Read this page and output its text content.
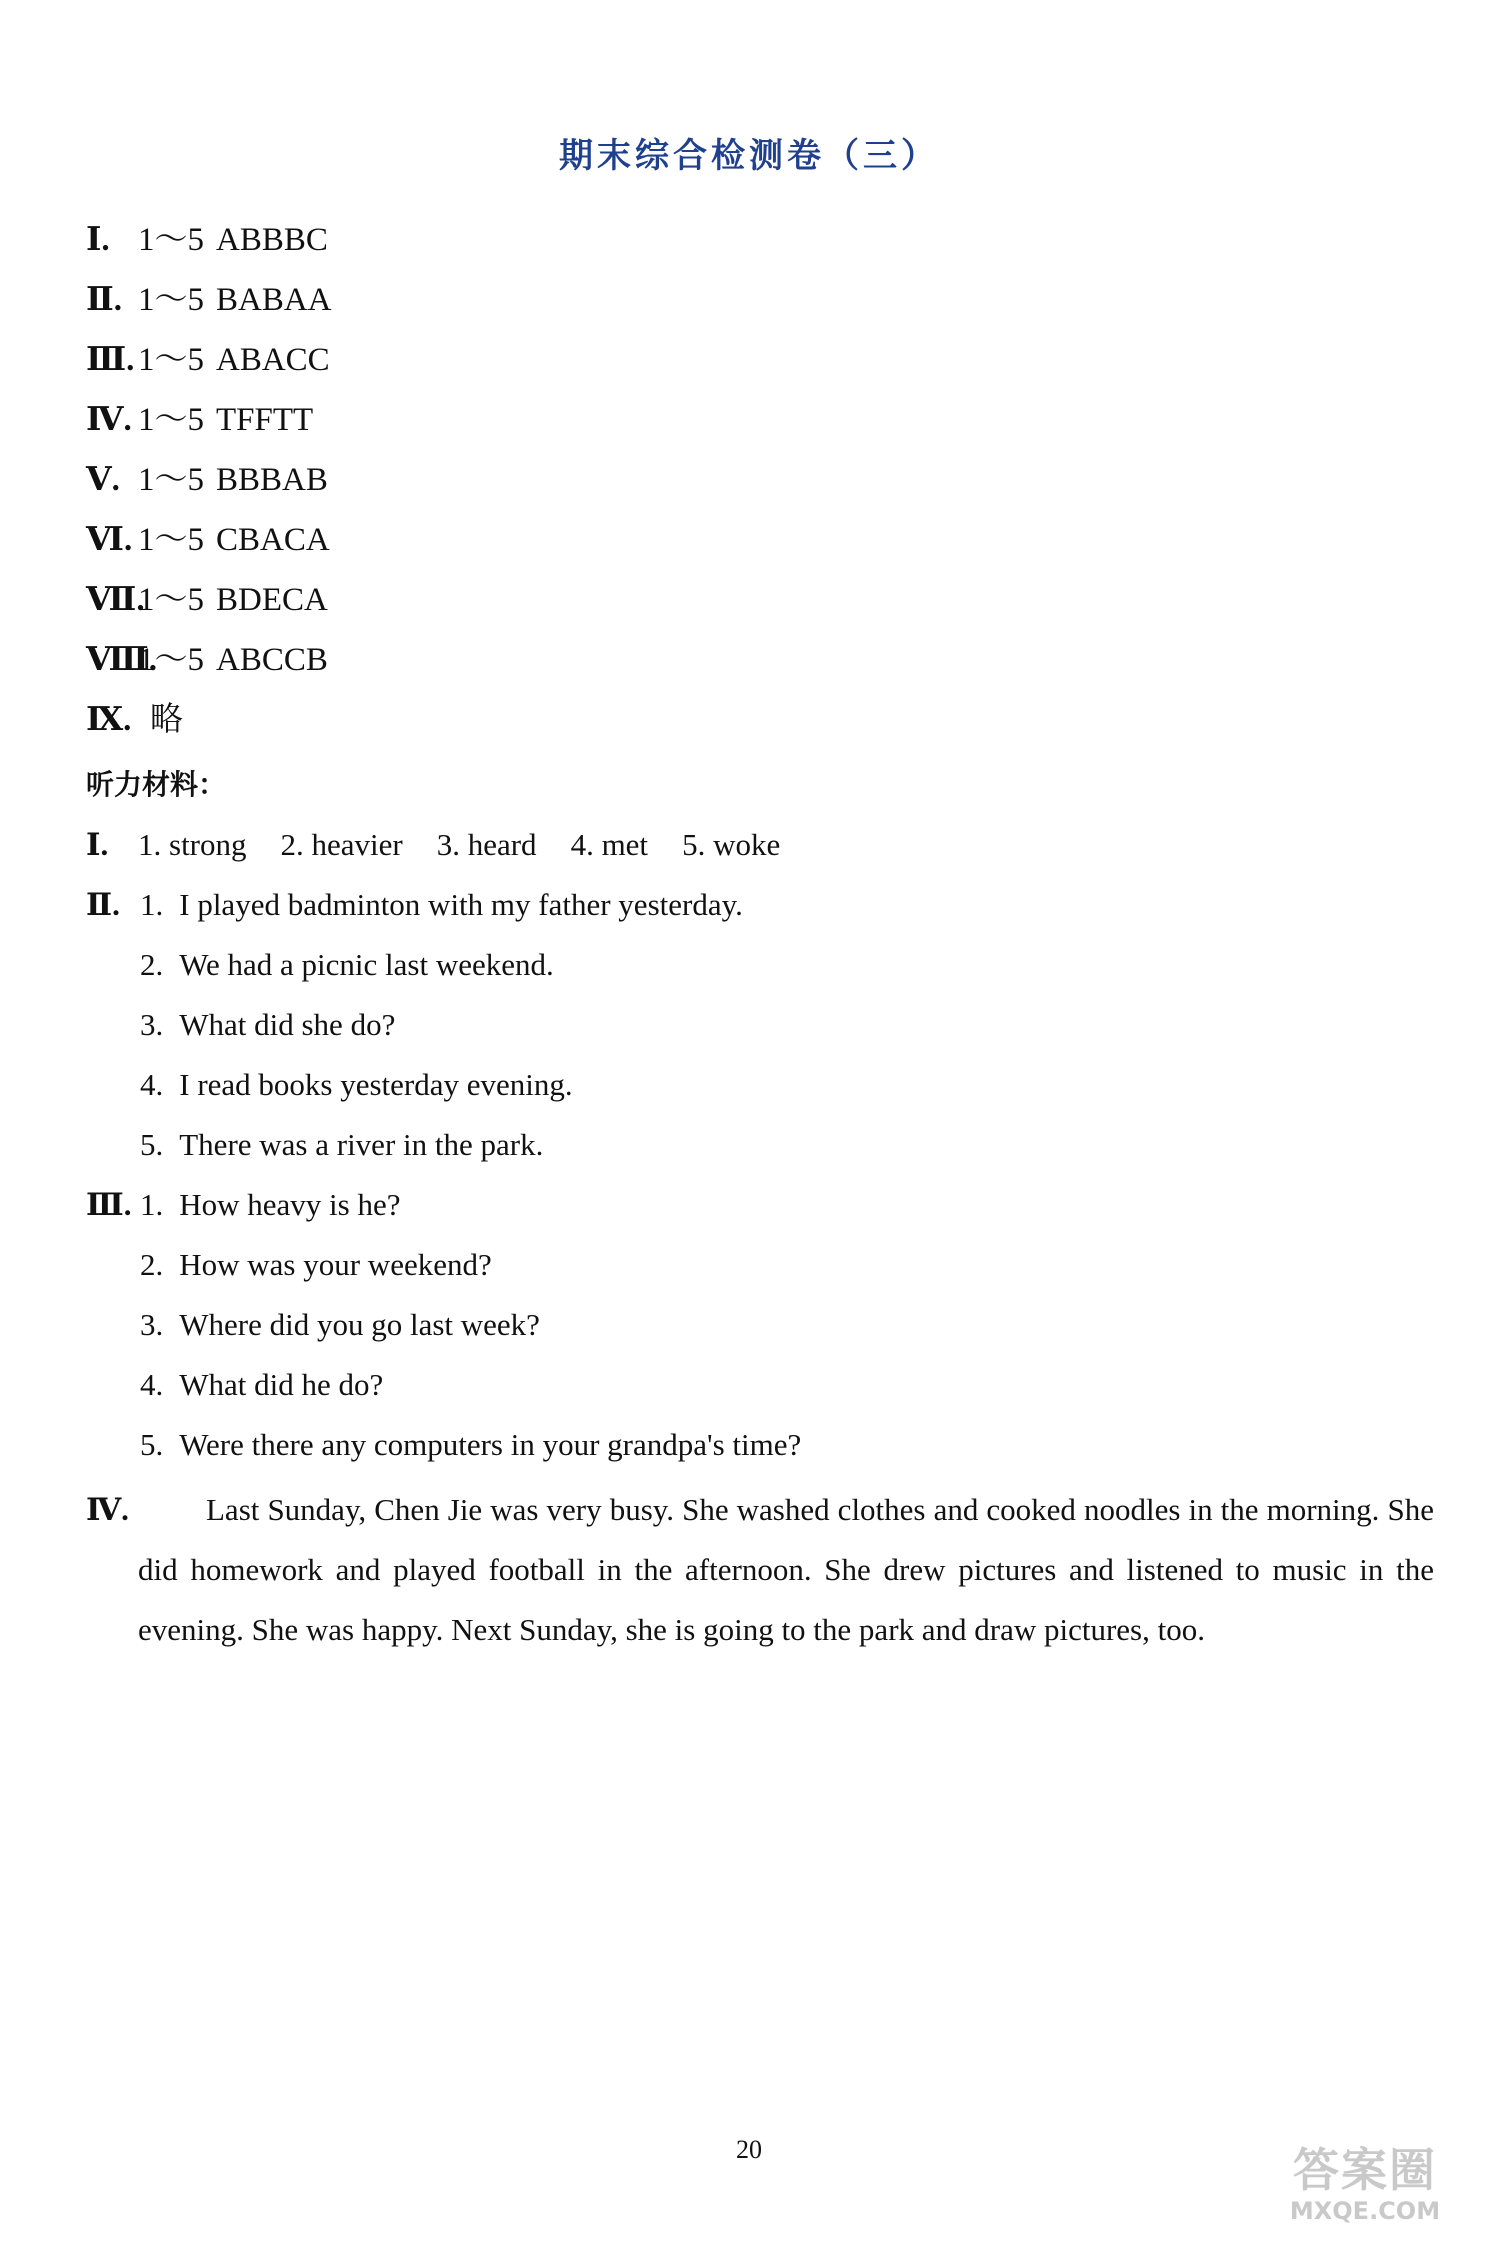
期末综合检测卷（三）
Ⅰ. 1～5 ABBBC
Ⅱ. 1～5 BABAA
Ⅲ. 1～5 ABACC
Ⅳ. 1～5 TFFTT
Ⅴ. 1～5 BBBAB
Ⅵ. 1～5 CBACA
Ⅶ.1～5 BDECA
Ⅷ.1～5 ABCCB
Ⅸ. 略
听力材料：
Ⅰ. 1. strong 2. heavier 3. heard 4. met 5. woke
Ⅱ. 1. I played badminton with my father yesterday.
2. We had a picnic last weekend.
3. What did she do?
4. I read books yesterday evening.
5. There was a river in the park.
Ⅲ. 1. How heavy is he?
2. How was your weekend?
3. Where did you go last week?
4. What did he do?
5. Were there any computers in your grandpa's time?
Ⅳ.	Last Sunday, Chen Jie was very busy. She washed clothes and cooked noodles in the morning. She did homework and played football in the afternoon. She drew pictures and listened to music in the evening. She was happy. Next Sunday, she is going to the park and draw pictures, too.
20	答案圈
MXQE.COM
